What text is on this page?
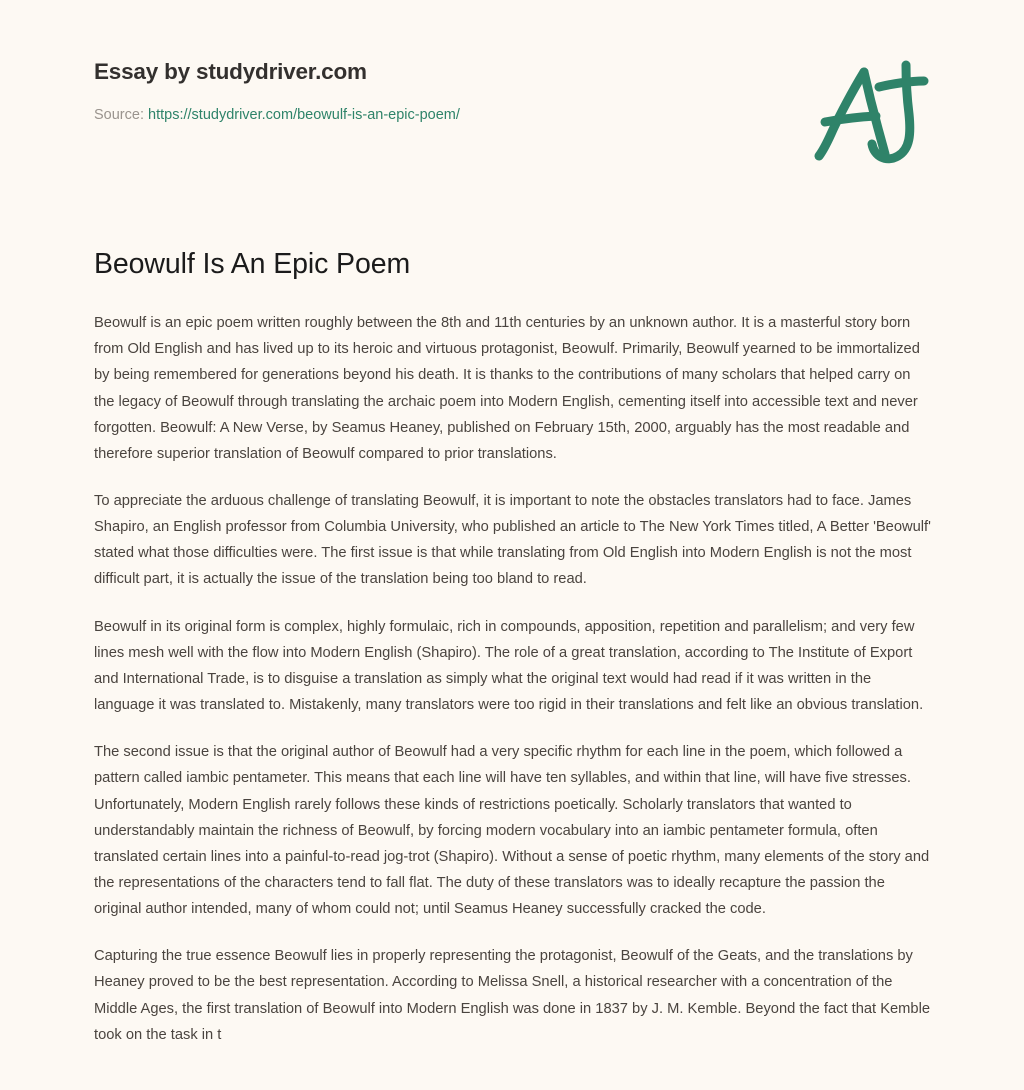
Essay by studydriver.com

Source: https://studydriver.com/beowulf-is-an-epic-poem/

Beowulf Is An Epic Poem

Beowulf is an epic poem written roughly between the 8th and 11th centuries by an unknown author. It is a masterful story born from Old English and has lived up to its heroic and virtuous protagonist, Beowulf. Primarily, Beowulf yearned to be immortalized by being remembered for generations beyond his death. It is thanks to the contributions of many scholars that helped carry on the legacy of Beowulf through translating the archaic poem into Modern English, cementing itself into accessible text and never forgotten. Beowulf: A New Verse, by Seamus Heaney, published on February 15th, 2000, arguably has the most readable and therefore superior translation of Beowulf compared to prior translations.

To appreciate the arduous challenge of translating Beowulf, it is important to note the obstacles translators had to face. James Shapiro, an English professor from Columbia University, who published an article to The New York Times titled, A Better 'Beowulf' stated what those difficulties were. The first issue is that while translating from Old English into Modern English is not the most difficult part, it is actually the issue of the translation being too bland to read.

Beowulf in its original form is complex, highly formulaic, rich in compounds, apposition, repetition and parallelism; and very few lines mesh well with the flow into Modern English (Shapiro). The role of a great translation, according to The Institute of Export and International Trade, is to disguise a translation as simply what the original text would had read if it was written in the language it was translated to. Mistakenly, many translators were too rigid in their translations and felt like an obvious translation.

The second issue is that the original author of Beowulf had a very specific rhythm for each line in the poem, which followed a pattern called iambic pentameter. This means that each line will have ten syllables, and within that line, will have five stresses. Unfortunately, Modern English rarely follows these kinds of restrictions poetically. Scholarly translators that wanted to understandably maintain the richness of Beowulf, by forcing modern vocabulary into an iambic pentameter formula, often translated certain lines into a painful-to-read jog-trot (Shapiro). Without a sense of poetic rhythm, many elements of the story and the representations of the characters tend to fall flat. The duty of these translators was to ideally recapture the passion the original author intended, many of whom could not; until Seamus Heaney successfully cracked the code.

Capturing the true essence Beowulf lies in properly representing the protagonist, Beowulf of the Geats, and the translations by Heaney proved to be the best representation. According to Melissa Snell, a historical researcher with a concentration of the Middle Ages, the first translation of Beowulf into Modern English was done in 1837 by J. M. Kemble. Beyond the fact that Kemble took on the task in t
